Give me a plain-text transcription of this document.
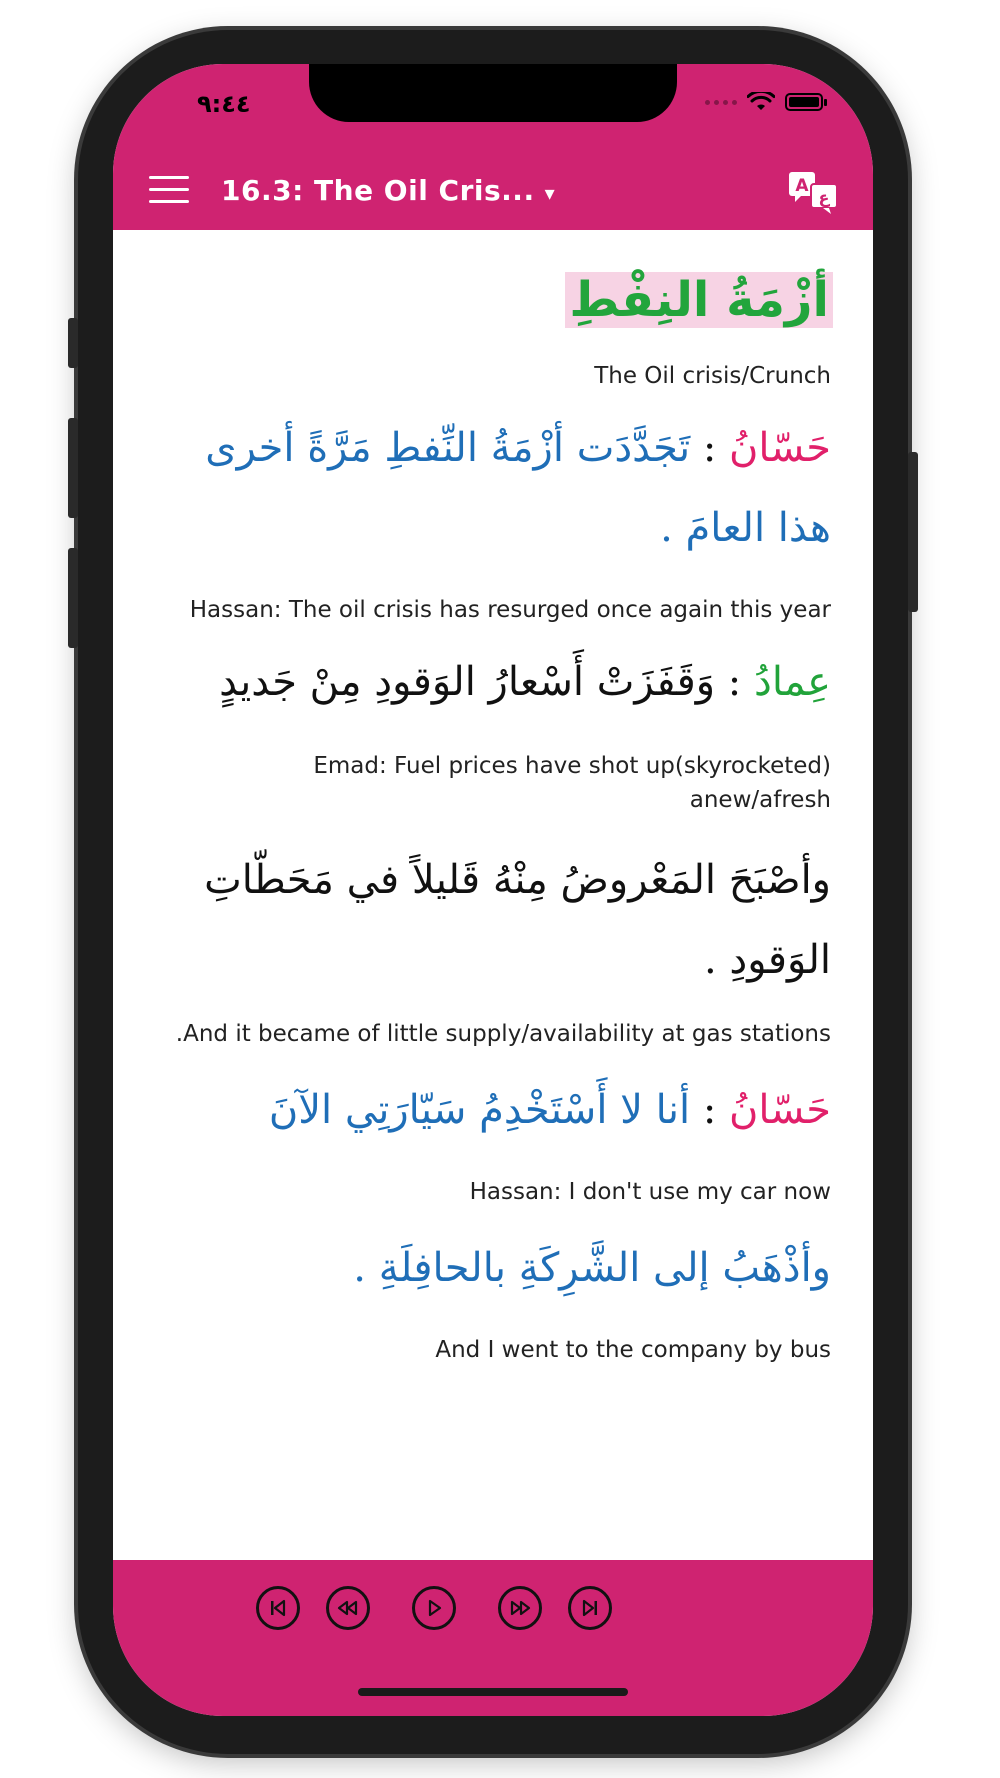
٩:٤٤
16.3: The Oil Cris... ▾	A
ع
أزْمَةُ النِفْطِ
The Oil crisis/Crunch
حَسّانُ : تَجَدَّدَت أزْمَةُ النِّفطِ مَرَّةً أخرى
هذا العامَ .
Hassan: The oil crisis has resurged once again this year
عِمادُ : وَقَفَزَتْ أَسْعارُ الوَقودِ مِنْ جَديدٍ
Emad: Fuel prices have shot up(skyrocketed)
anew/afresh
وأصْبَحَ المَعْروضُ مِنْهُ قَليلاً في مَحَطّاتِ
الوَقودِ .
.And it became of little supply/availability at gas stations
حَسّانُ : أنا لا أَسْتَخْدِمُ سَيّارَتِي الآنَ
Hassan: I don't use my car now
وأذْهَبُ إلى الشَّرِكَةِ بالحافِلَةِ .
And I went to the company by bus
